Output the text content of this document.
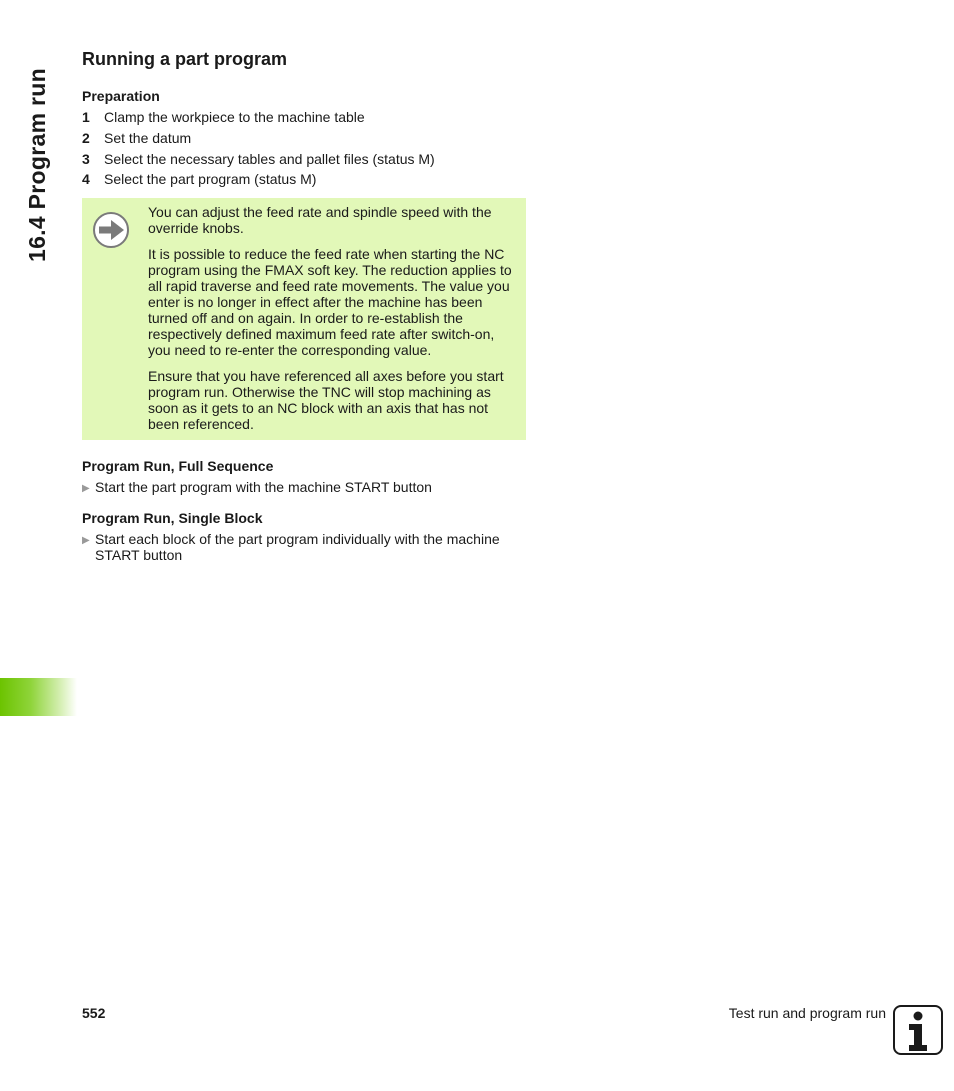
16.4 Program run
Running a part program
Preparation
1	Clamp the workpiece to the machine table
2	Set the datum
3	Select the necessary tables and pallet files (status M)
4	Select the part program (status M)

You can adjust the feed rate and spindle speed with the override knobs.

It is possible to reduce the feed rate when starting the NC program using the FMAX soft key. The reduction applies to all rapid traverse and feed rate movements. The value you enter is no longer in effect after the machine has been turned off and on again. In order to re-establish the respectively defined maximum feed rate after switch-on, you need to re-enter the corresponding value.

Ensure that you have referenced all axes before you start program run. Otherwise the TNC will stop machining as soon as it gets to an NC block with an axis that has not been referenced.

Program Run, Full Sequence
▶ Start the part program with the machine START button
Program Run, Single Block
▶ Start each block of the part program individually with the machine START button
552	Test run and program run
